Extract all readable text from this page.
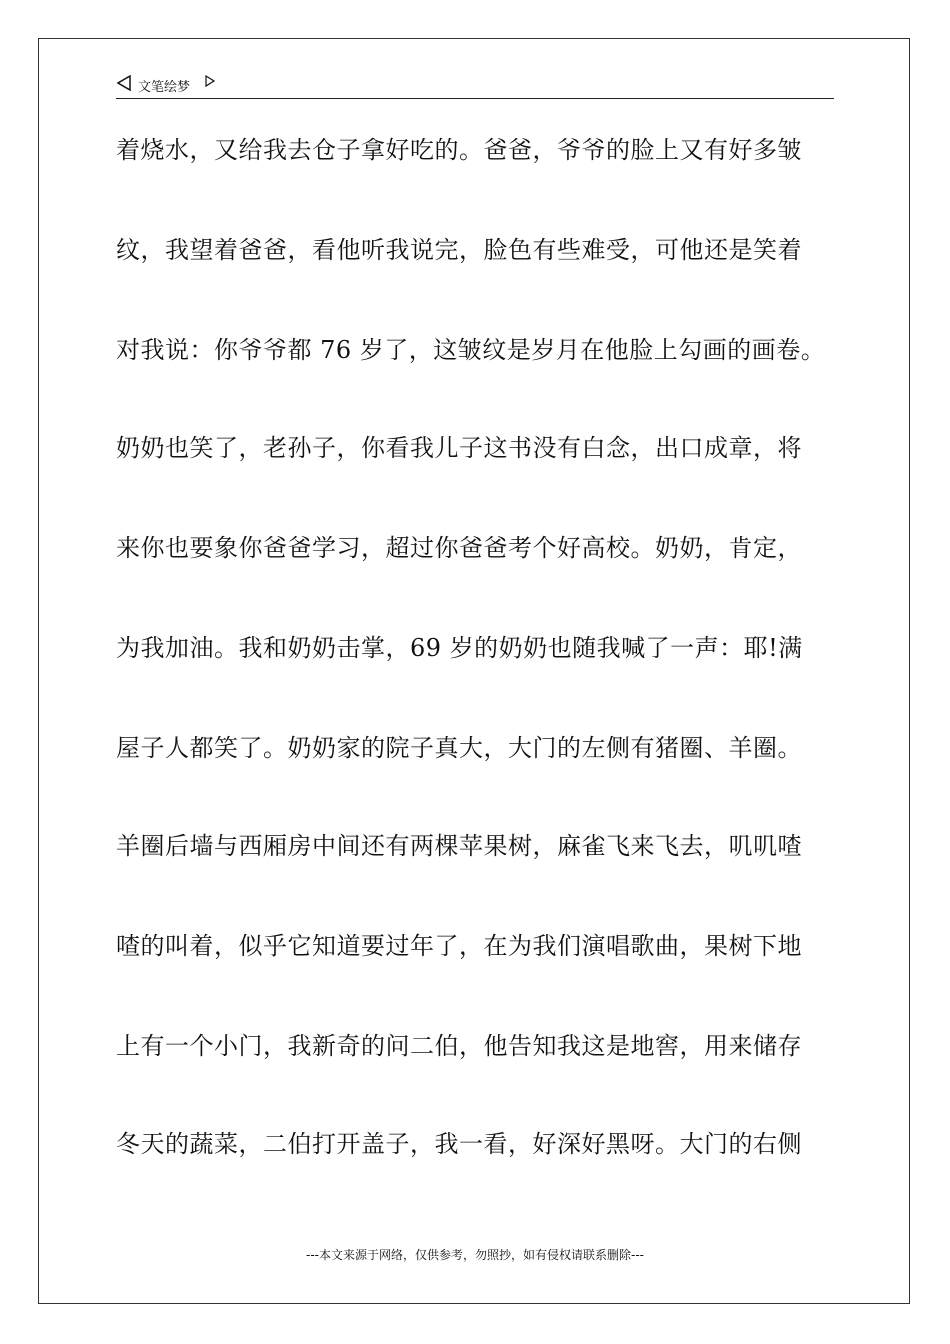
文笔绘梦
着烧水，又给我去仓子拿好吃的。爸爸，爷爷的脸上又有好多皱
纹，我望着爸爸，看他听我说完，脸色有些难受，可他还是笑着
对我说：你爷爷都 76 岁了，这皱纹是岁月在他脸上勾画的画卷。
奶奶也笑了，老孙子，你看我儿子这书没有白念，出口成章，将
来你也要象你爸爸学习，超过你爸爸考个好高校。奶奶，肯定，
为我加油。我和奶奶击掌，69 岁的奶奶也随我喊了一声：耶!满
屋子人都笑了。奶奶家的院子真大，大门的左侧有猪圈、羊圈。
羊圈后墙与西厢房中间还有两棵苹果树，麻雀飞来飞去，叽叽喳
喳的叫着，似乎它知道要过年了，在为我们演唱歌曲，果树下地
上有一个小门，我新奇的问二伯，他告知我这是地窖，用来储存
冬天的蔬菜，二伯打开盖子，我一看，好深好黑呀。大门的右侧
---本文来源于网络，仅供参考，勿照抄，如有侵权请联系删除---
